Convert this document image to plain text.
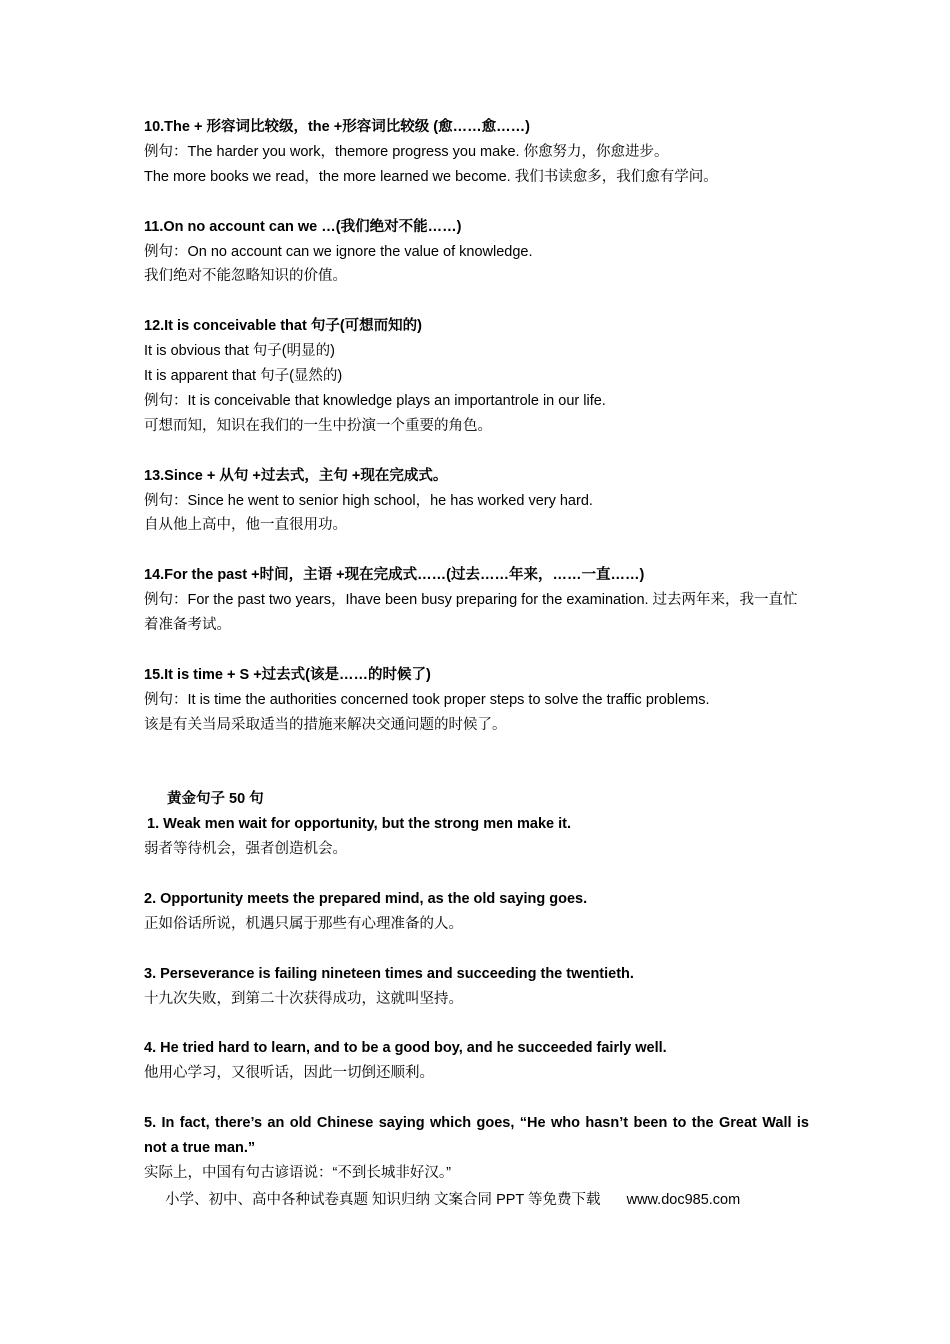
10.The + 形容词比较级，the +形容词比较级 (愈……愈……)
例句：The harder you work，themore progress you make. 你愈努力，你愈进步。
The more books we read，the more learned we become. 我们书读愈多，我们愈有学问。
11.On no account can we …(我们绝对不能……)
例句：On no account can we ignore the value of knowledge.
我们绝对不能忽略知识的价值。
12.It is conceivable that 句子(可想而知的)
It is obvious that 句子(明显的)
It is apparent that 句子(显然的)
例句：It is conceivable that knowledge plays an importantrole in our life.
可想而知，知识在我们的一生中扮演一个重要的角色。
13.Since + 从句 +过去式，主句 +现在完成式。
例句：Since he went to senior high school，he has worked very hard.
自从他上高中，他一直很用功。
14.For the past +时间，主语 +现在完成式……(过去……年来，……一直……)
例句：For the past two years，Ihave been busy preparing for the examination. 过去两年来，我一直忙着准备考试。
15.It is time + S +过去式(该是……的时候了)
例句：It is time the authorities concerned took proper steps to solve the traffic problems.
该是有关当局采取适当的措施来解决交通问题的时候了。
黄金句子 50 句
1. Weak men wait for opportunity, but the strong men make it.
弱者等待机会，强者创造机会。
2. Opportunity meets the prepared mind, as the old saying goes.
正如俗话所说，机遇只属于那些有心理准备的人。
3. Perseverance is failing nineteen times and succeeding the twentieth.
十九次失败，到第二十次获得成功，这就叫坚持。
4. He tried hard to learn, and to be a good boy, and he succeeded fairly well.
他用心学习，又很听话，因此一切倒还顺利。
5. In fact, there’s an old Chinese saying which goes, “He who hasn’t been to the Great Wall is not a true man.”
实际上，中国有句古谚语说：“不到长城非好汉。”
小学、初中、高中各种试卷真题 知识归纳 文案合同 PPT 等免费下载 www.doc985.com
